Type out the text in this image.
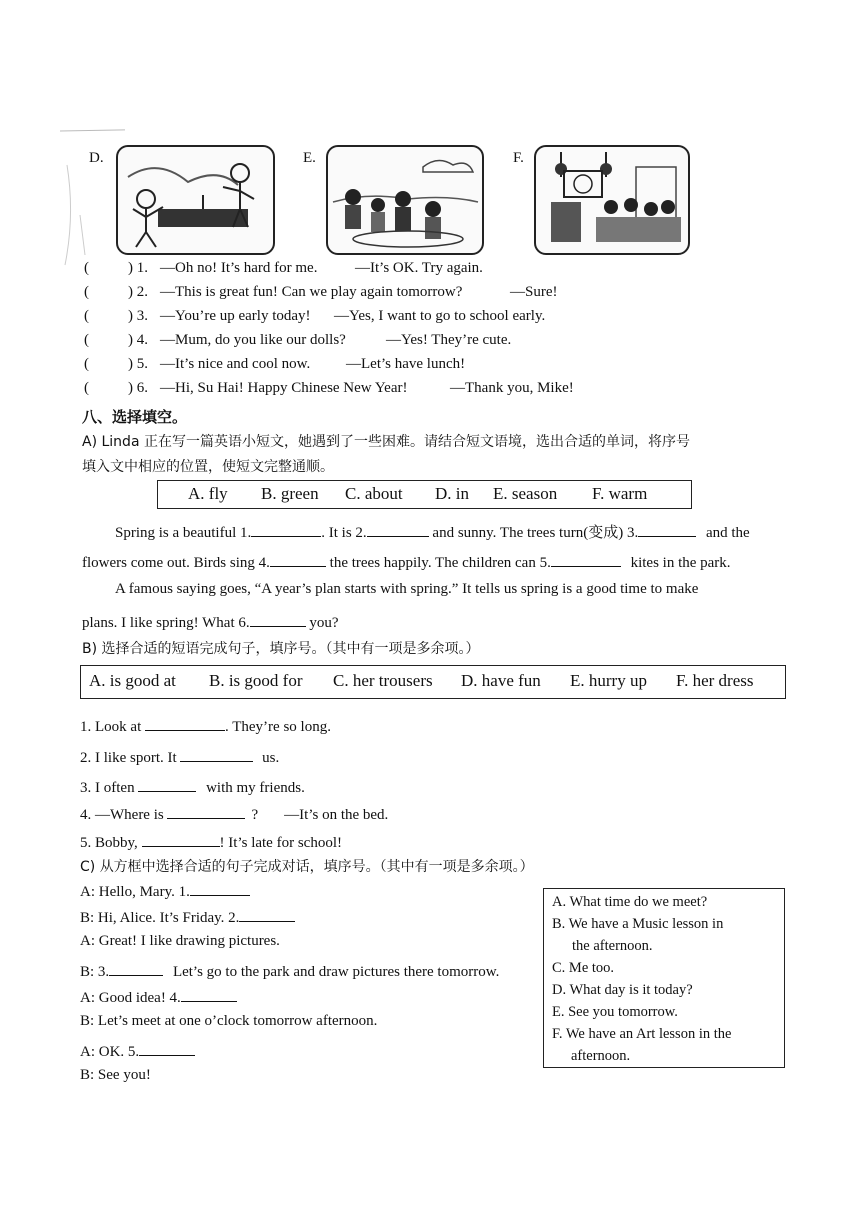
D.	E.	F.
(	) 1. —Oh no! It’s hard for me.	—It’s OK. Try again.
(	) 2. —This is great fun! Can we play again tomorrow?	—Sure!
(	) 3. —You’re up early today! —Yes, I want to go to school early.
(	) 4. —Mum, do you like our dolls?	—Yes! They’re cute.
(	) 5. —It’s nice and cool now. —Let’s have lunch!
(	) 6. —Hi, Su Hai! Happy Chinese New Year!	—Thank you, Mike!
八、选择填空。
A) Linda 正在写一篇英语小短文，她遇到了一些困难。请结合短文语境，选出合适的单词，将序号
填入文中相应的位置，使短文完整通顺。
A. fly	B. green	C. about	D. in	E. season	F. warm
Spring is a beautiful 1.	. It is 2.	and sunny. The trees turn(变成) 3.	and the
flowers come out. Birds sing 4.	the trees happily. The children can 5.	kites in the park.
A famous saying goes, “A year’s plan starts with spring.” It tells us spring is a good time to make
plans. I like spring! What 6.	you?
B) 选择合适的短语完成句子，填序号。（其中有一项是多余项。）
A. is good at	B. is good for	C. her trousers	D. have fun	E. hurry up	F. her dress
1. Look at	. They’re so long.
2. I like sport. It	us.
3. I often	with my friends.
4. —Where is	? —It’s on the bed.
5. Bobby,	! It’s late for school!
C) 从方框中选择合适的句子完成对话，填序号。（其中有一项是多余项。）
A: Hello, Mary. 1.
B: Hi, Alice. It’s Friday. 2.
A: Great! I like drawing pictures.
B: 3.	Let’s go to the park and draw pictures there tomorrow.
A: Good idea! 4.
B: Let’s meet at one o’clock tomorrow afternoon.
A: OK. 5.
B: See you!
A. What time do we meet?
B. We have a Music lesson in
the afternoon.
C. Me too.
D. What day is it today?
E. See you tomorrow.
F. We have an Art lesson in the
afternoon.
